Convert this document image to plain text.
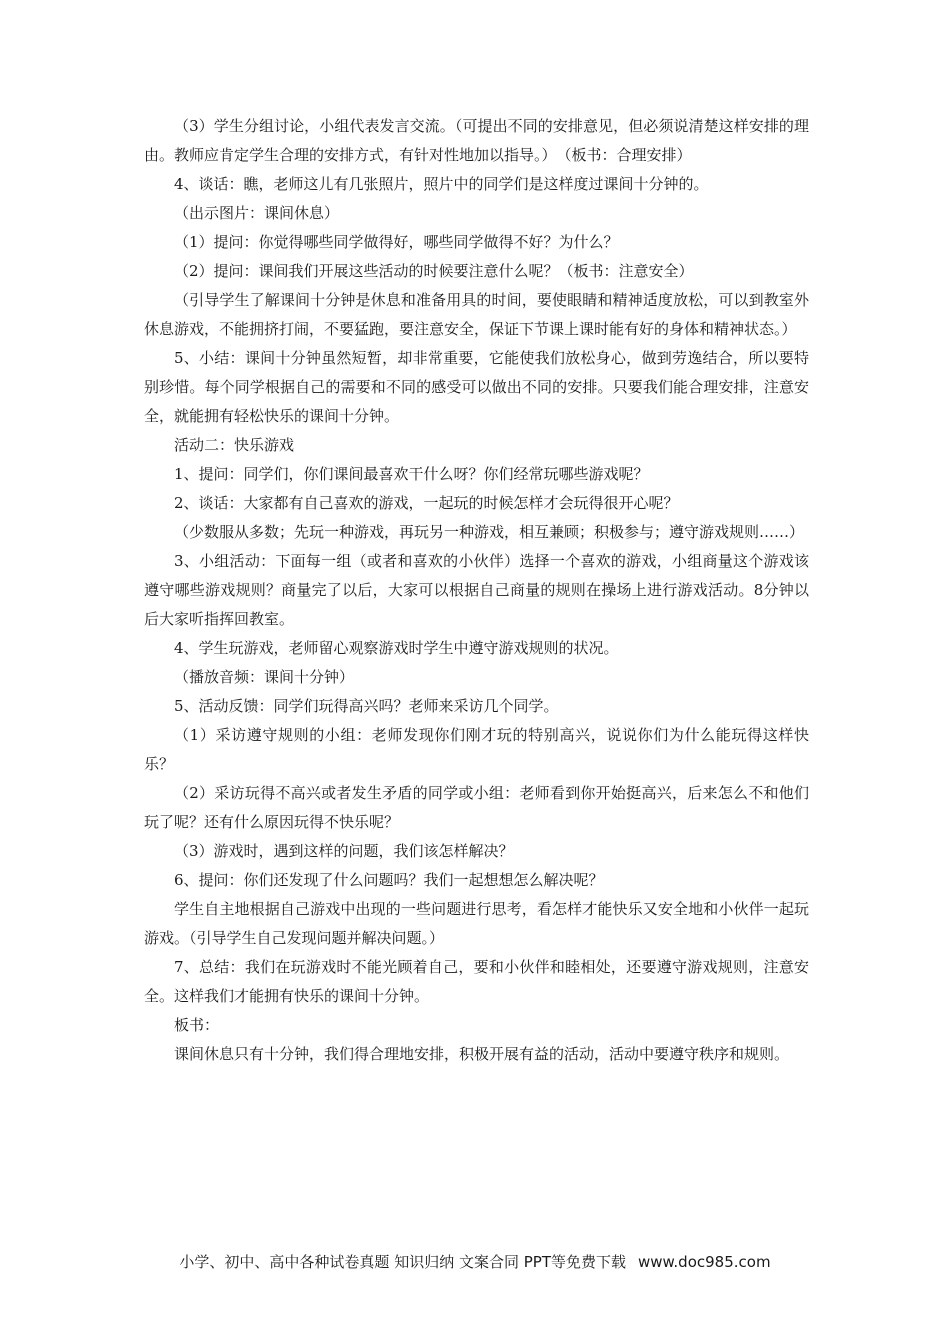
（3）学生分组讨论，小组代表发言交流。（可提出不同的安排意见，但必须说清楚这样安排的理由。教师应肯定学生合理的安排方式，有针对性地加以指导。）　（板书：合理安排）

4、谈话：瞧，老师这儿有几张照片，照片中的同学们是这样度过课间十分钟的。

（出示图片：课间休息）

（1）提问：你觉得哪些同学做得好，哪些同学做得不好？为什么？

（2）提问：课间我们开展这些活动的时候要注意什么呢？（板书：注意安全）

（引导学生了解课间十分钟是休息和准备用具的时间，要使眼睛和精神适度放松，可以到教室外休息游戏，不能拥挤打闹，不要猛跑，要注意安全，保证下节课上课时能有好的身体和精神状态。）

5、小结：课间十分钟虽然短暂，却非常重要，它能使我们放松身心，做到劳逸结合，所以要特别珍惜。每个同学根据自己的需要和不同的感受可以做出不同的安排。只要我们能合理安排，注意安全，就能拥有轻松快乐的课间十分钟。

活动二：快乐游戏

1、提问：同学们，你们课间最喜欢干什么呀？你们经常玩哪些游戏呢？

2、谈话：大家都有自己喜欢的游戏，一起玩的时候怎样才会玩得很开心呢？

（少数服从多数；先玩一种游戏，再玩另一种游戏，相互兼顾；积极参与；遵守游戏规则……）

3、小组活动：下面每一组（或者和喜欢的小伙伴）选择一个喜欢的游戏，小组商量这个游戏该遵守哪些游戏规则？商量完了以后，大家可以根据自己商量的规则在操场上进行游戏活动。8分钟以后大家听指挥回教室。

4、学生玩游戏，老师留心观察游戏时学生中遵守游戏规则的状况。

（播放音频：课间十分钟）

5、活动反馈：同学们玩得高兴吗？老师来采访几个同学。

（1）采访遵守规则的小组：老师发现你们刚才玩的特别高兴，说说你们为什么能玩得这样快乐？

（2）采访玩得不高兴或者发生矛盾的同学或小组：老师看到你开始挺高兴，后来怎么不和他们玩了呢？还有什么原因玩得不快乐呢？

（3）游戏时，遇到这样的问题，我们该怎样解决？

6、提问：你们还发现了什么问题吗？我们一起想想怎么解决呢？

学生自主地根据自己游戏中出现的一些问题进行思考，看怎样才能快乐又安全地和小伙伴一起玩游戏。（引导学生自己发现问题并解决问题。）

7、总结：我们在玩游戏时不能光顾着自己，要和小伙伴和睦相处，还要遵守游戏规则，注意安全。这样我们才能拥有快乐的课间十分钟。

板书：

课间休息只有十分钟，我们得合理地安排，积极开展有益的活动，活动中要遵守秩序和规则。

小学、初中、高中各种试卷真题 知识归纳 文案合同 PPT等免费下载 www.doc985.com
